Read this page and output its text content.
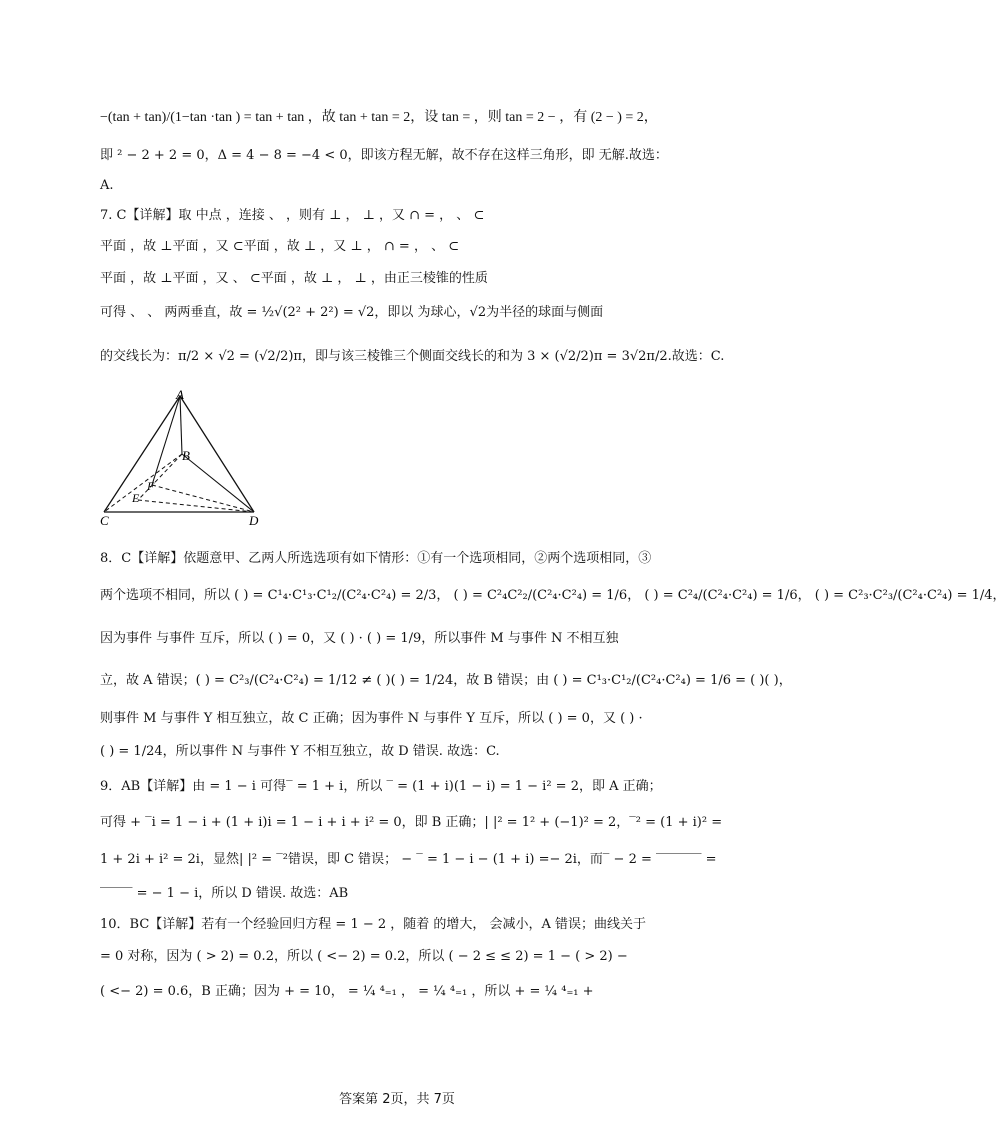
−(tan + tan)/(1−tan ·tan ) = tan + tan ，故 tan + tan = 2，设 tan = ，则 tan = 2 − ，有 (2 − ) = 2，
即 ² − 2 + 2 = 0，Δ = 4 − 8 = −4 < 0，即该方程无解，故不存在这样三角形，即 无解.故选：
A.
7. C【详解】取 中点 ，连接 、 ，则有 ⊥ ， ⊥ ，又 ∩ = ， 、 ⊂
平面 ，故 ⊥平面 ，又 ⊂平面 ，故 ⊥ ，又 ⊥ ， ∩ = ， 、 ⊂
平面 ，故 ⊥平面 ，又 、 ⊂平面 ，故 ⊥ ， ⊥ ，由正三棱锥的性质
可得 、 、 两两垂直，故 = ½√(2² + 2²) = √2，即以 为球心，√2为半径的球面与侧面
的交线长为：π/2 × √2 = (√2/2)π，即与该三棱锥三个侧面交线长的和为 3 × (√2/2)π = 3√2π/2.故选：C.
A
B
F
E
C	D
8．C【详解】依题意甲、乙两人所选选项有如下情形：①有一个选项相同，②两个选项相同，③
两个选项不相同，所以 ( ) = C¹₄·C¹₃·C¹₂/(C²₄·C²₄) = 2/3， ( ) = C²₄C²₂/(C²₄·C²₄) = 1/6， ( ) = C²₄/(C²₄·C²₄) = 1/6， ( ) = C²₃·C²₃/(C²₄·C²₄) = 1/4，
因为事件 与事件 互斥，所以 ( ) = 0，又 ( ) · ( ) = 1/9，所以事件 M 与事件 N 不相互独
立，故 A 错误；( ) = C²₃/(C²₄·C²₄) = 1/12 ≠ ( )( ) = 1/24，故 B 错误；由 ( ) = C¹₃·C¹₂/(C²₄·C²₄) = 1/6 = ( )( )，
则事件 M 与事件 Y 相互独立，故 C 正确；因为事件 N 与事件 Y 互斥，所以 ( ) = 0，又 ( ) ·
( ) = 1/24，所以事件 N 与事件 Y 不相互独立，故 D 错误. 故选：C.
9．AB【详解】由 = 1 − i 可得‾ = 1 + i，所以 ‾ = (1 + i)(1 − i) = 1 − i² = 2，即 A 正确；
可得 + ‾i = 1 − i + (1 + i)i = 1 − i + i + i² = 0，即 B 正确；| |² = 1² + (−1)² = 2，‾² = (1 + i)² =
1 + 2i + i² = 2i，显然| |² = ‾²错误，即 C 错误； − ‾ = 1 − i − (1 + i) =− 2i，而‾ − 2 = ‾‾‾‾‾‾‾ =
‾‾‾‾‾ = − 1 − i，所以 D 错误. 故选：AB
10．BC【详解】若有一个经验回归方程 = 1 − 2 ，随着 的增大， 会减小，A 错误；曲线关于
= 0 对称，因为 ( > 2) = 0.2，所以 ( <− 2) = 0.2，所以 ( − 2 ≤ ≤ 2) = 1 − ( > 2) −
( <− 2) = 0.6，B 正确；因为 + = 10， = ¼ ⁴₌₁ ， = ¼ ⁴₌₁ ，所以 + = ¼ ⁴₌₁ +
答案第 2页，共 7页
